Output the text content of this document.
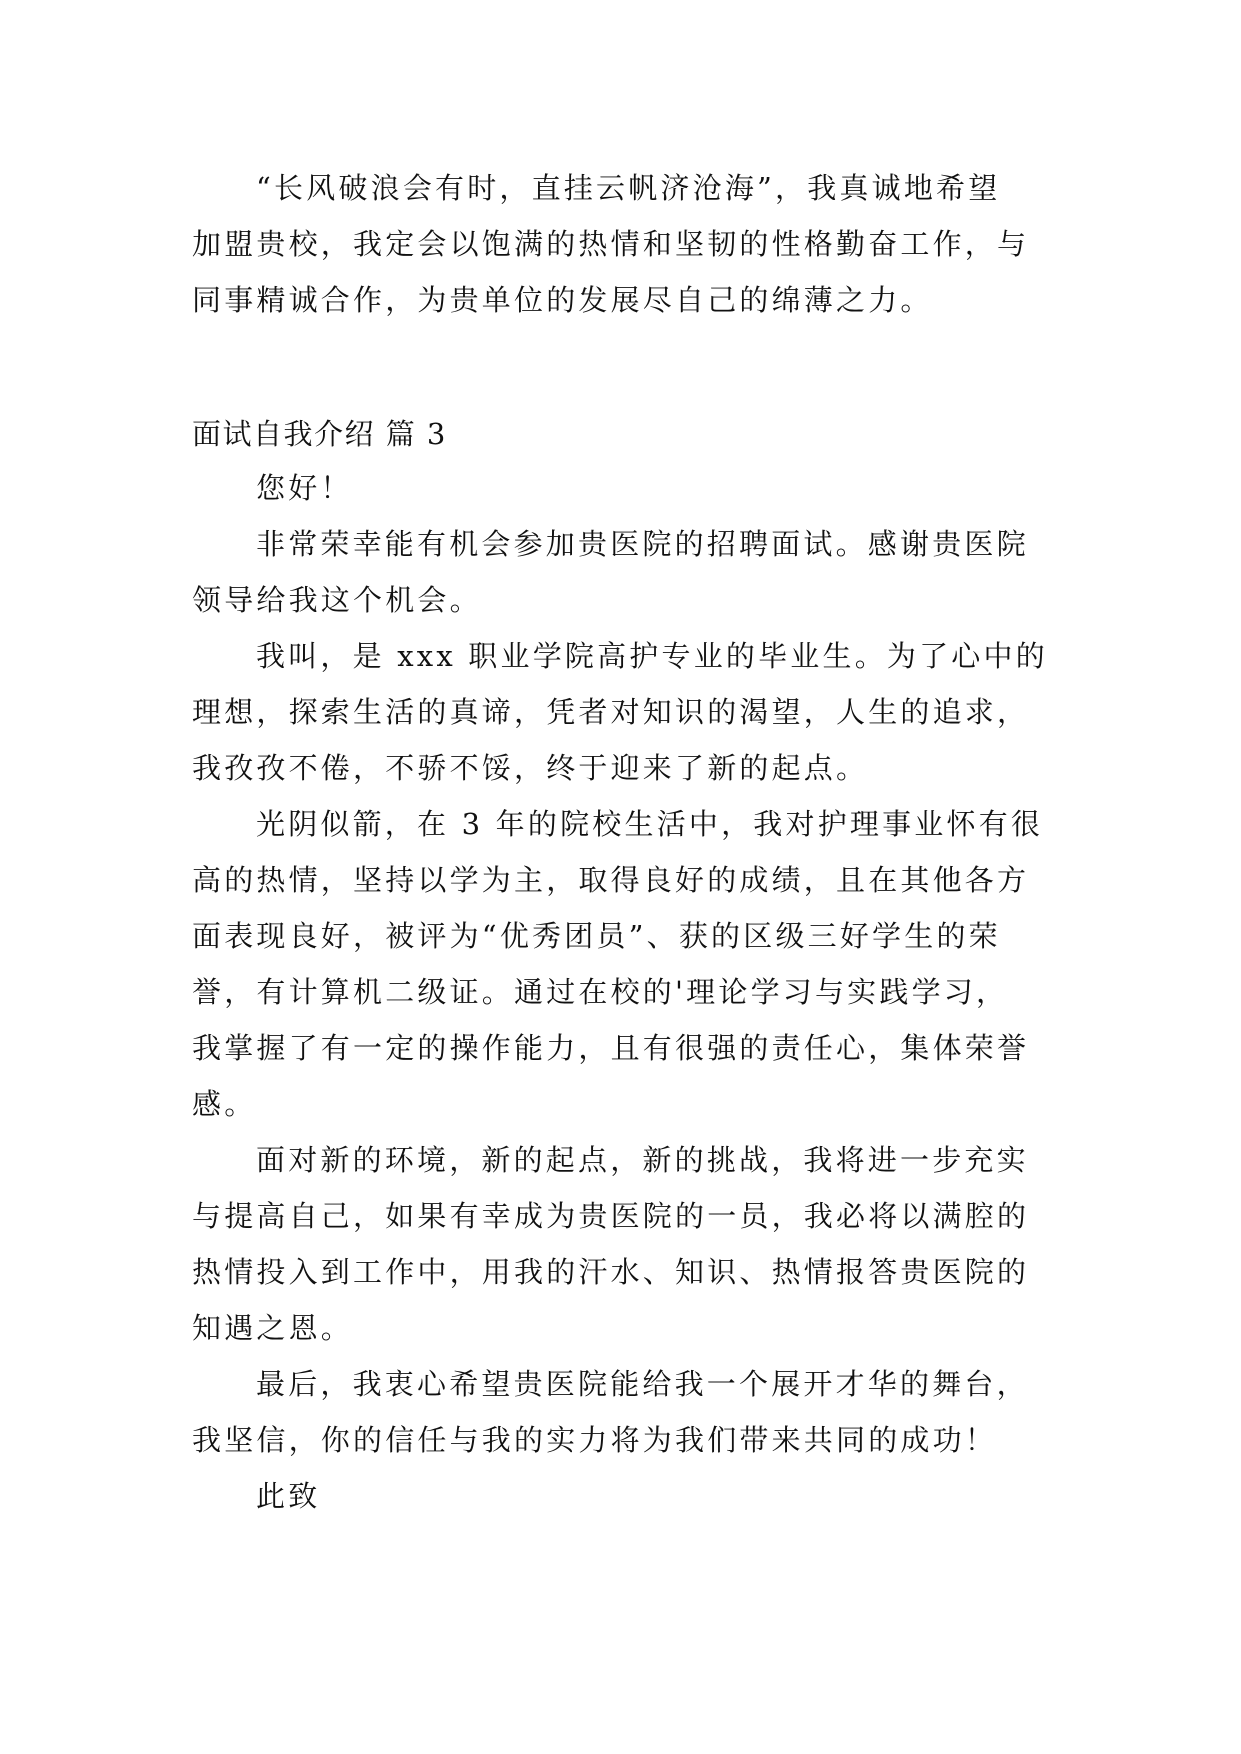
“长风破浪会有时，直挂云帆济沧海”，我真诚地希望
加盟贵校，我定会以饱满的热情和坚韧的性格勤奋工作，与
同事精诚合作，为贵单位的发展尽自己的绵薄之力。
面试自我介绍 篇 3
您好！
非常荣幸能有机会参加贵医院的招聘面试。感谢贵医院
领导给我这个机会。
我叫，是 xxx 职业学院高护专业的毕业生。为了心中的
理想，探索生活的真谛，凭者对知识的渴望，人生的追求，
我孜孜不倦，不骄不馁，终于迎来了新的起点。
光阴似箭，在 3 年的院校生活中，我对护理事业怀有很
高的热情，坚持以学为主，取得良好的成绩，且在其他各方
面表现良好，被评为“优秀团员”、获的区级三好学生的荣
誉，有计算机二级证。通过在校的'理论学习与实践学习，
我掌握了有一定的操作能力，且有很强的责任心，集体荣誉
感。
面对新的环境，新的起点，新的挑战，我将进一步充实
与提高自己，如果有幸成为贵医院的一员，我必将以满腔的
热情投入到工作中，用我的汗水、知识、热情报答贵医院的
知遇之恩。
最后，我衷心希望贵医院能给我一个展开才华的舞台，
我坚信，你的信任与我的实力将为我们带来共同的成功！
此致
